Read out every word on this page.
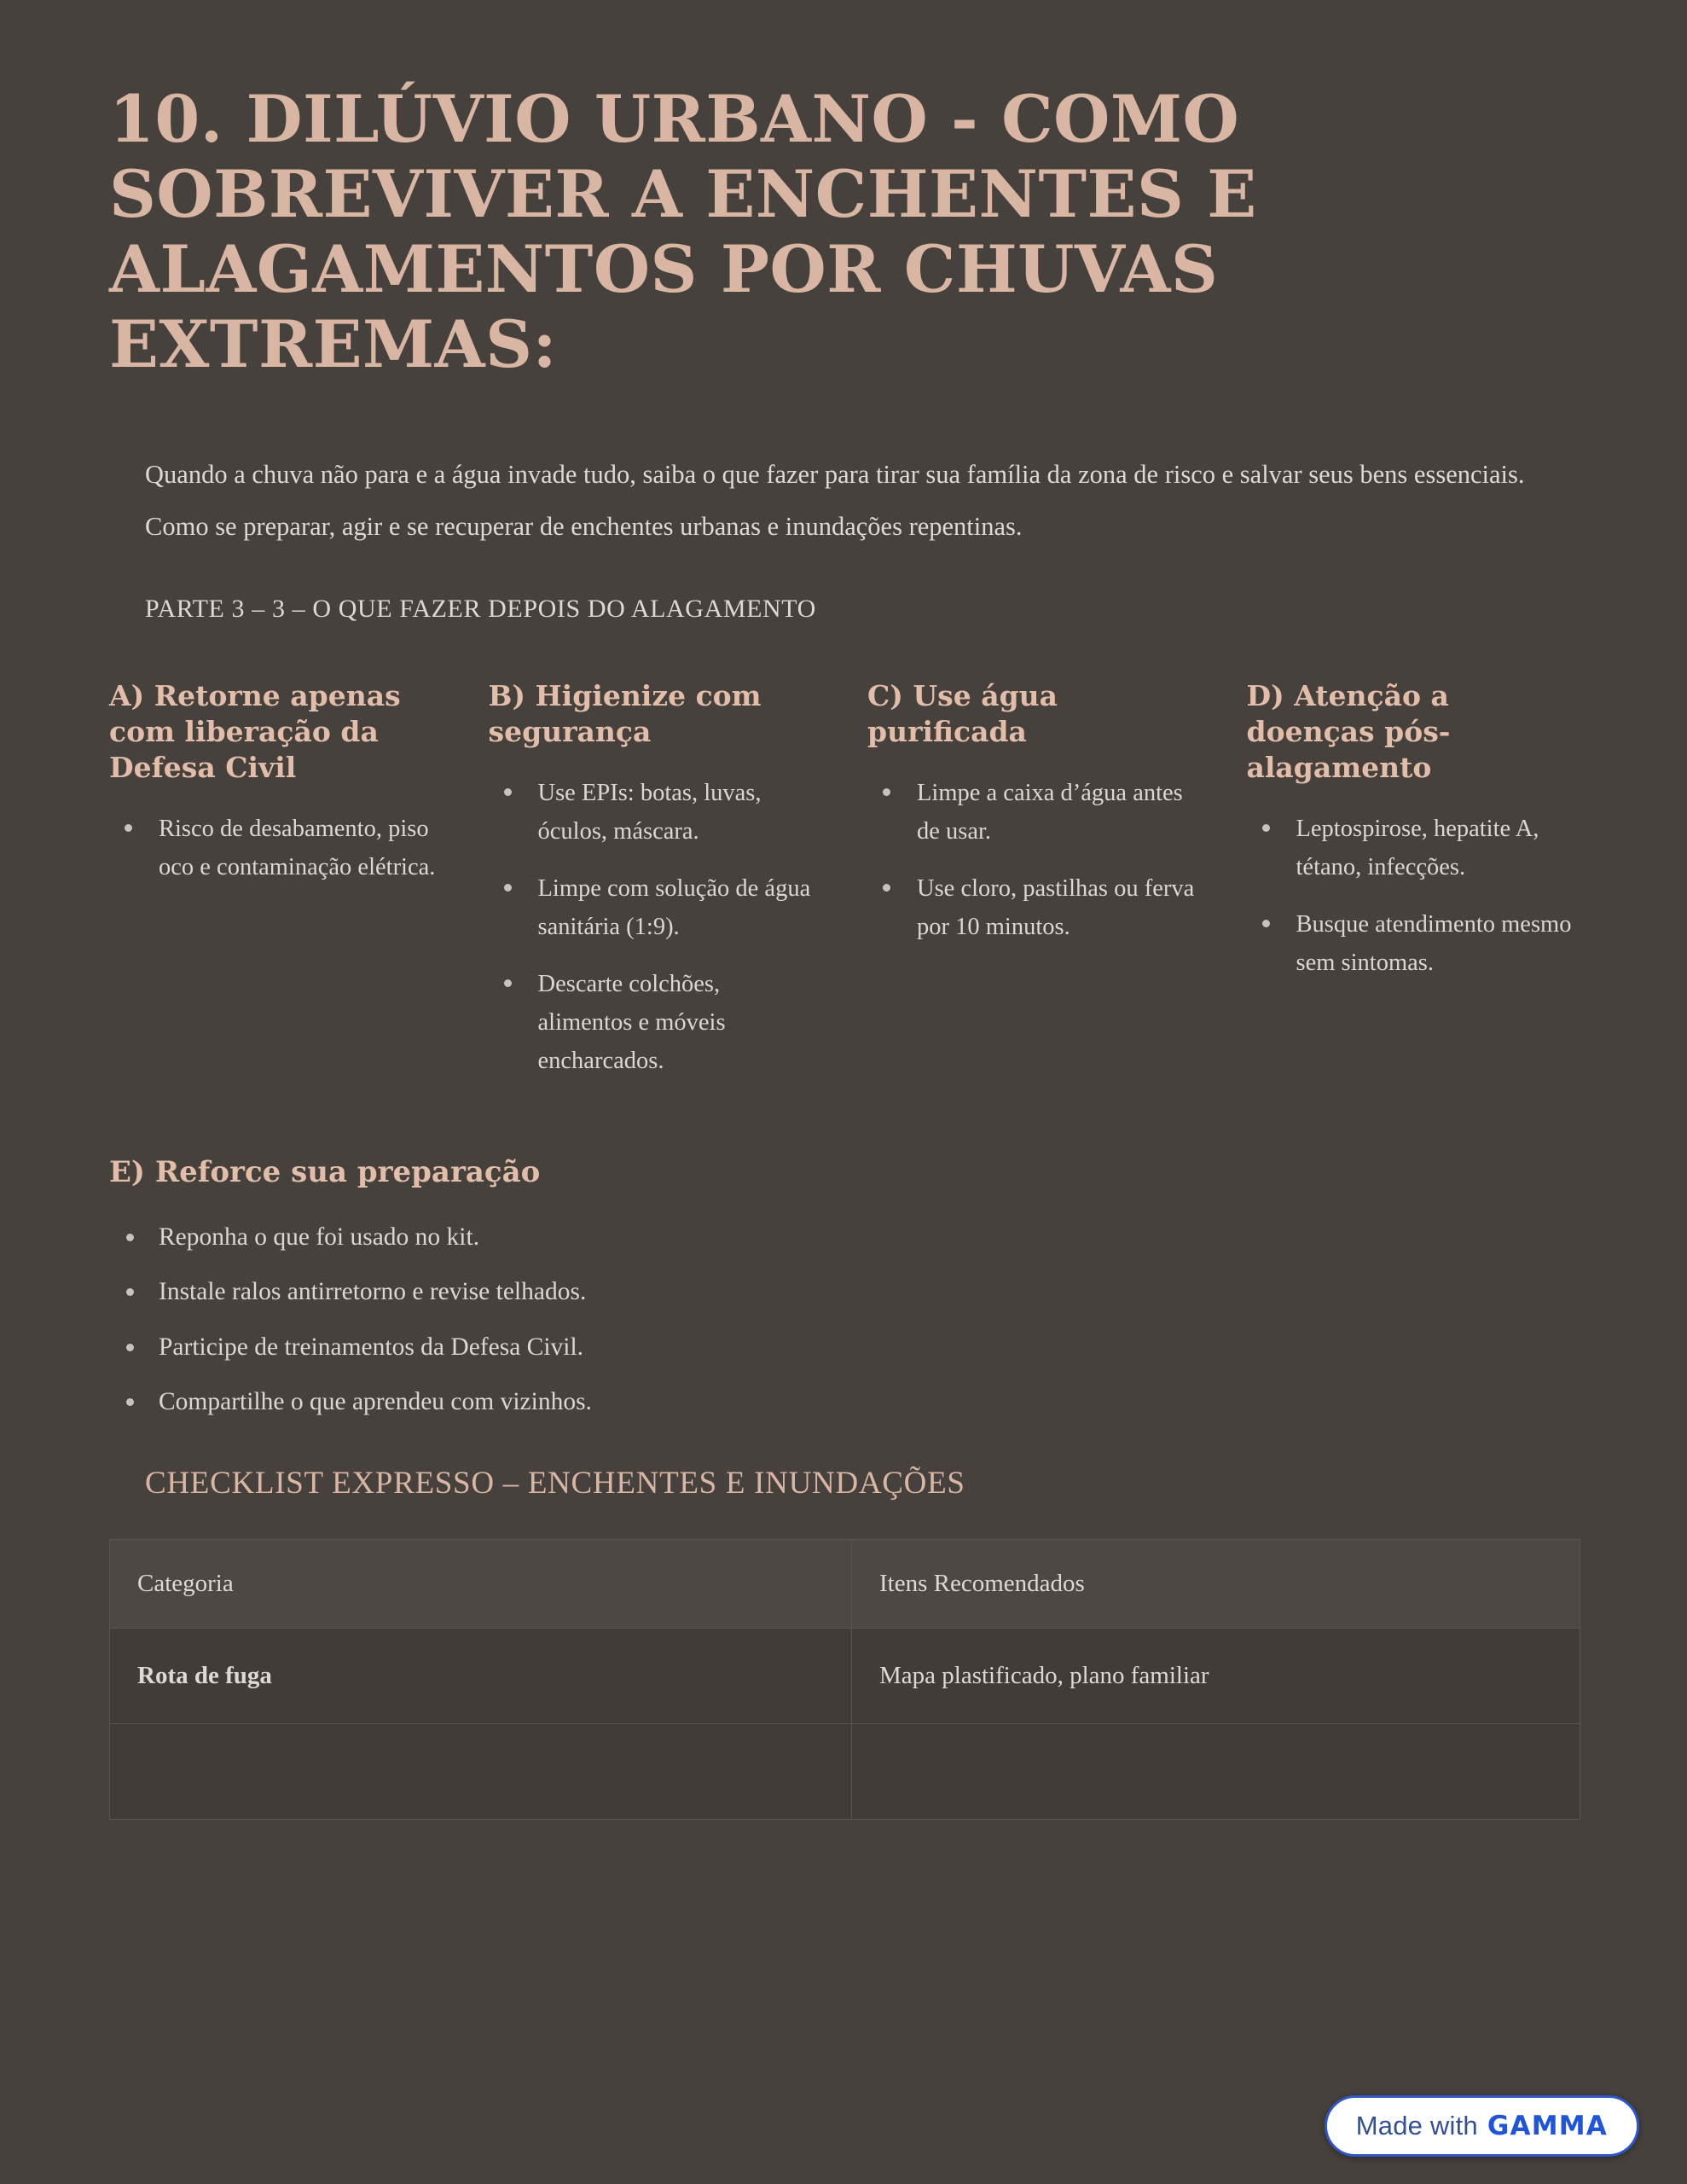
10. DILÚVIO URBANO - COMO SOBREVIVER A ENCHENTES E ALAGAMENTOS POR CHUVAS EXTREMAS:

Quando a chuva não para e a água invade tudo, saiba o que fazer para tirar sua família da zona de risco e salvar seus bens essenciais.

Como se preparar, agir e se recuperar de enchentes urbanas e inundações repentinas.

PARTE 3 – 3 – O QUE FAZER DEPOIS DO ALAGAMENTO
A) Retorne apenas com liberação da Defesa Civil
Risco de desabamento, piso oco e contaminação elétrica.
B) Higienize com segurança
Use EPIs: botas, luvas, óculos, máscara.
Limpe com solução de água sanitária (1:9).
Descarte colchões, alimentos e móveis encharcados.
C) Use água purificada
Limpe a caixa d’água antes de usar.
Use cloro, pastilhas ou ferva por 10 minutos.
D) Atenção a doenças pós-alagamento
Leptospirose, hepatite A, tétano, infecções.
Busque atendimento mesmo sem sintomas.
E) Reforce sua preparação
Reponha o que foi usado no kit.
Instale ralos antirretorno e revise telhados.
Participe de treinamentos da Defesa Civil.
Compartilhe o que aprendeu com vizinhos.
CHECKLIST EXPRESSO – ENCHENTES E INUNDAÇÕES
Categoria	Itens Recomendados
Rota de fuga	Mapa plastificado, plano familiar

Made with GAMMA
